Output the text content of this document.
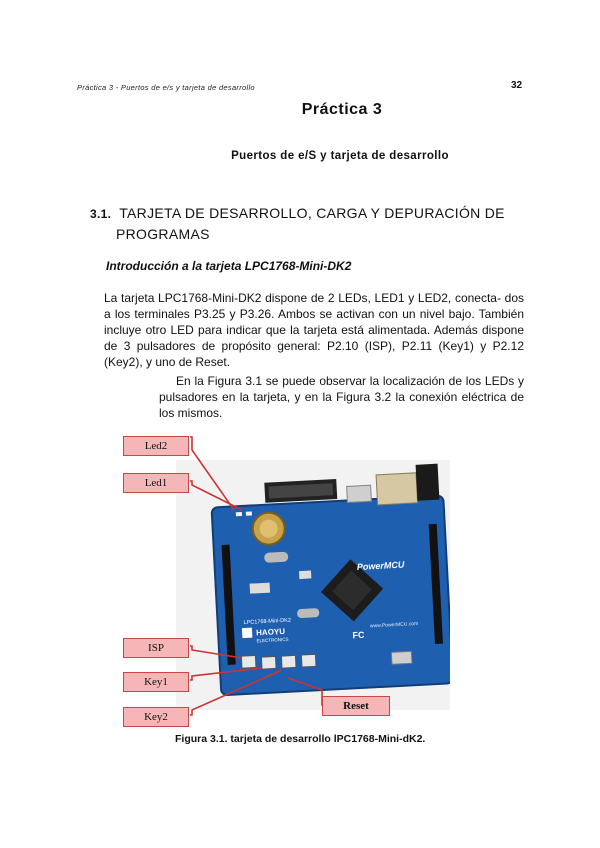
Práctica 3 - Puertos de e/s y tarjeta de desarrollo	32
Práctica 3
Puertos de e/S y tarjeta de desarrollo
3.1. TARJETA DE DESARROLLO, CARGA Y DEPURACIÓN DE
PROGRAMAS
Introducción a la tarjeta LPC1768-Mini-DK2
La tarjeta LPC1768-Mini-DK2 dispone de 2 LEDs, LED1 y LED2, conecta- dos a los terminales P3.25 y P3.26. Ambos se activan con un nivel bajo. También incluye otro LED para indicar que la tarjeta está alimentada. Además dispone de 3 pulsadores de propósito general: P2.10 (ISP), P2.11 (Key1) y P2.12 (Key2), y uno de Reset.
En la Figura 3.1 se puede observar la localización de los LEDs y pulsadores en la tarjeta, y en la Figura 3.2 la conexión eléctrica de los mismos.
PowerMCU
www.PowerMCU.com
LPC1768-Mini-DK2
HAOYU
ELECTRONICS	FC
Led2
Led1
ISP
Key1
Key2
Reset
Figura 3.1. tarjeta de desarrollo lPC1768-Mini-dK2.
